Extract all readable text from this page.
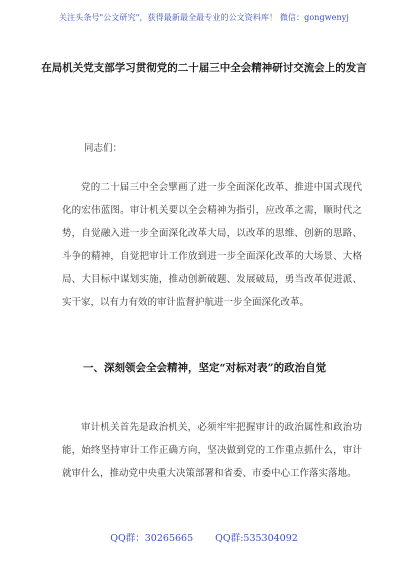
关注头条号"公文研究"，获得最新最全最专业的公文资料库！ 微信：gongwenyj
在局机关党支部学习贯彻党的二十届三中全会精神研讨交流会上的发言
同志们：
党的二十届三中全会擘画了进一步全面深化改革、推进中国式现代化的宏伟蓝图。审计机关要以全会精神为指引，应改革之需，顺时代之势，自觉融入进一步全面深化改革大局，以改革的思维、创新的思路、斗争的精神，自觉把审计工作放到进一步全面深化改革的大场景、大格局、大目标中谋划实施，推动创新破题、发展破局，勇当改革促进派、实干家，以有力有效的审计监督护航进一步全面深化改革。
一、深刻领会全会精神，坚定“对标对表”的政治自觉
审计机关首先是政治机关，必须牢牢把握审计的政治属性和政治功能，始终坚持审计工作正确方向，坚决做到党的工作重点抓什么，审计就审什么，推动党中央重大决策部署和省委、市委中心工作落实落地。
QQ群：30265665 QQ群:535304092
